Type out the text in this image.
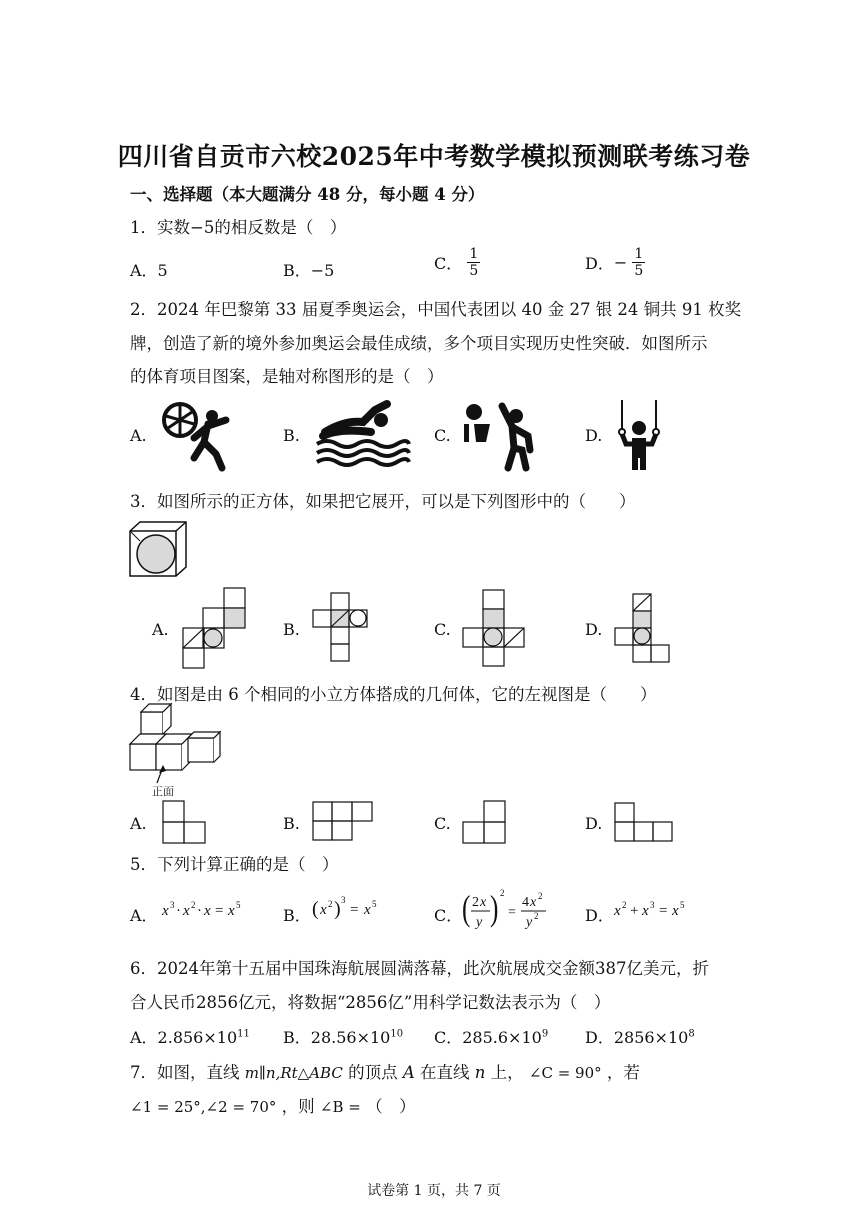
四川省自贡市六校2025年中考数学模拟预测联考练习卷
一、选择题（本大题满分 48 分，每小题 4 分）
1．实数−5的相反数是（　）
A．5	B．−5	C． $\frac{1}{5}$	D．− $\frac{1}{5}$
2．2024 年巴黎第 33 届夏季奥运会，中国代表团以 40 金 27 银 24 铜共 91 枚奖
牌，创造了新的境外参加奥运会最佳成绩，多个项目实现历史性突破．如图所示
的体育项目图案，是轴对称图形的是（　）
A.	B.	C.	D.
3．如图所示的正方体，如果把它展开，可以是下列图形中的（　　）
A.	B.	C.	D.
4．如图是由 6 个相同的小立方体搭成的几何体，它的左视图是（　　）
正面
A.	B.	C.	D.
5．下列计算正确的是（　）
A．	B．	C．	D．
x 3 · x 2 · x = x 5	( x 2 ) 3
= x 5 ( 2 x
y ) 2
=
4 x 2
y 2	x 2 + x 3 = x 5
6．2024年第十五届中国珠海航展圆满落幕，此次航展成交金额387亿美元，折
合人民币2856亿元，将数据“2856亿”用科学记数法表示为（　）
A．$2.856\times 10^{11}$ B．$28.56\times 10^{10}$ C．$285.6\times 10^9$ D．$2856\times 10^8$
7．如图，直线 m∥n,Rt△ABC 的顶点 A 在直线 n 上， ∠C = 90° ，若
∠1 = 25°,∠2 = 70° ，则 ∠B = （　）
试卷第 1 页，共 7 页
